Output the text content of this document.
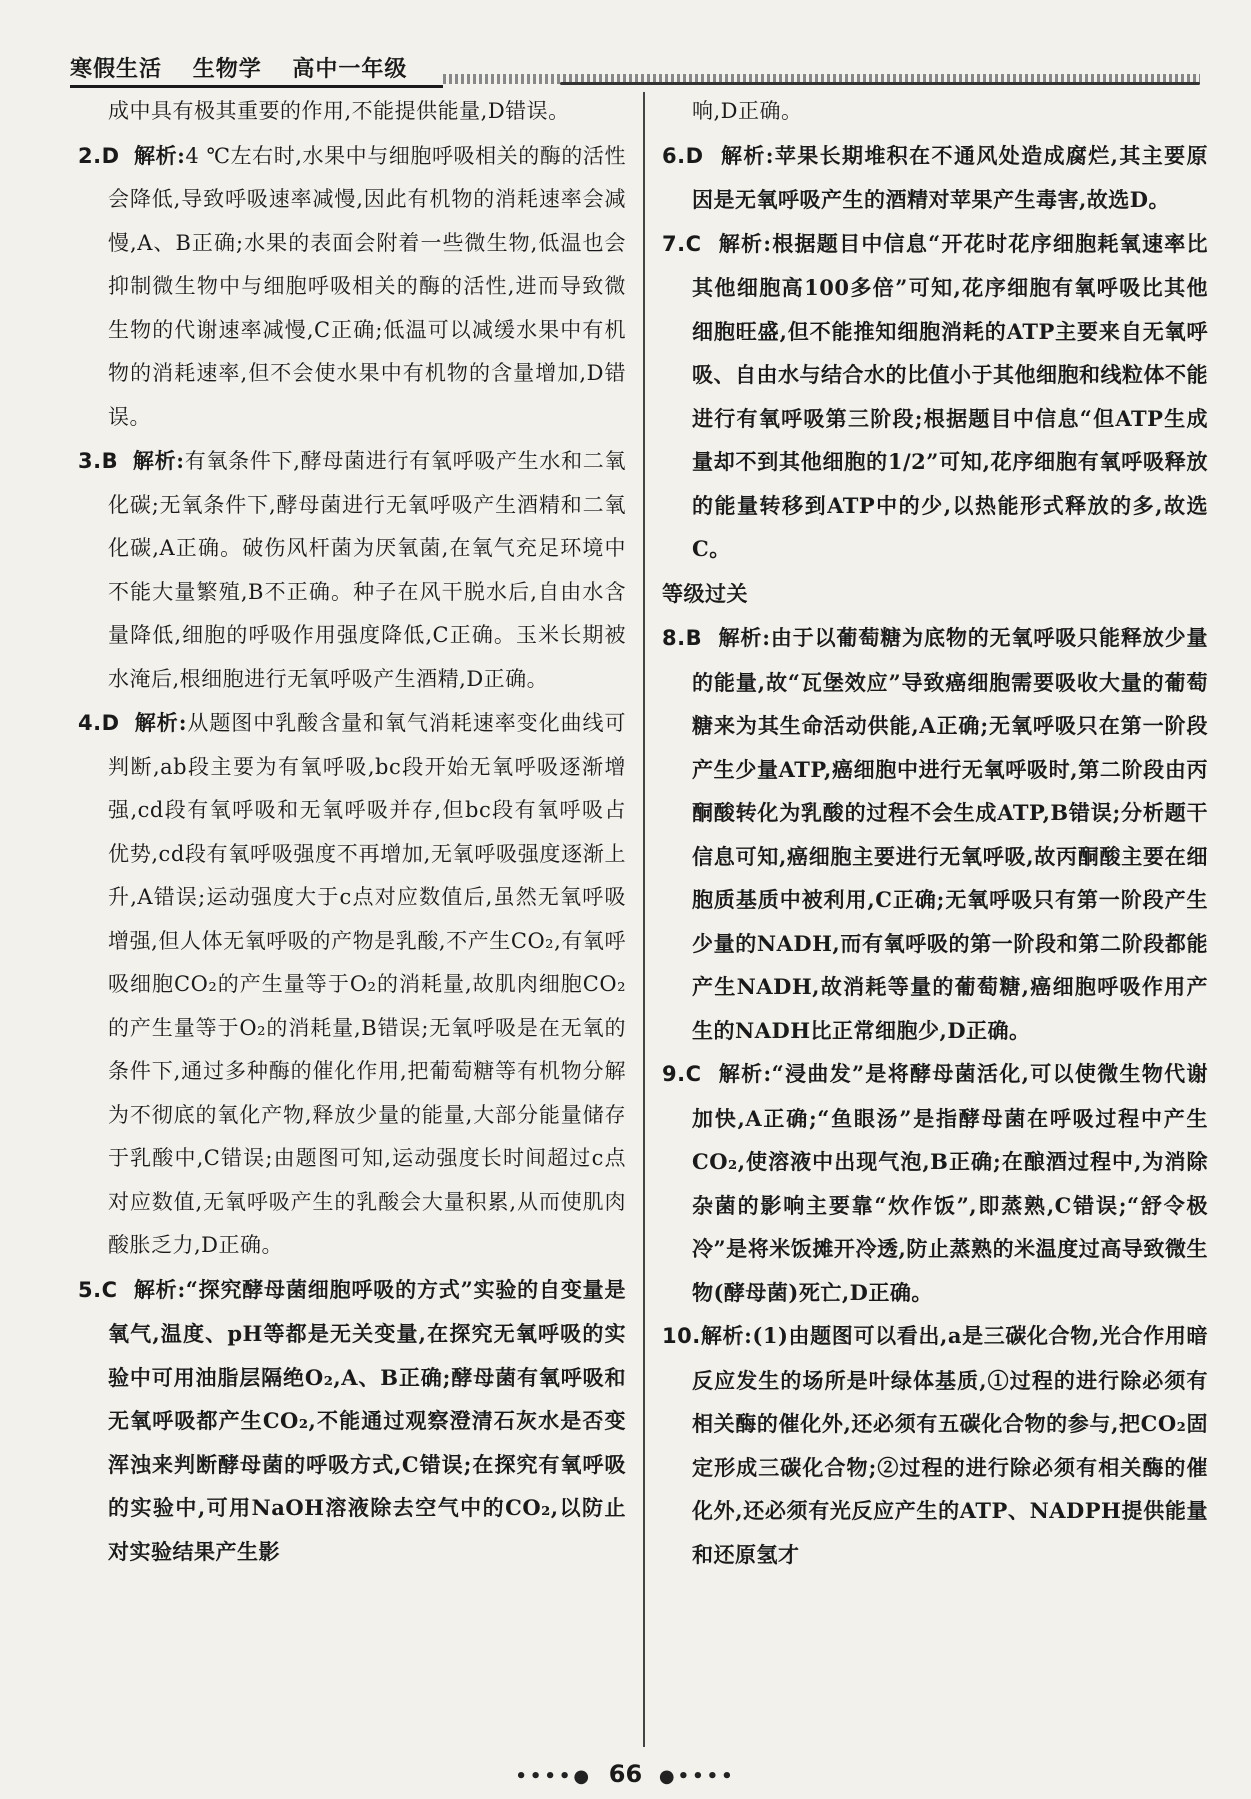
寒假生活 生物学 高中一年级

成中具有极其重要的作用,不能提供能量,D错误。

2.D 解析:4 ℃左右时,水果中与细胞呼吸相关的酶的活性会降低,导致呼吸速率减慢,因此有机物的消耗速率会减慢,A、B正确;水果的表面会附着一些微生物,低温也会抑制微生物中与细胞呼吸相关的酶的活性,进而导致微生物的代谢速率减慢,C正确;低温可以减缓水果中有机物的消耗速率,但不会使水果中有机物的含量增加,D错误。

3.B 解析:有氧条件下,酵母菌进行有氧呼吸产生水和二氧化碳;无氧条件下,酵母菌进行无氧呼吸产生酒精和二氧化碳,A正确。破伤风杆菌为厌氧菌,在氧气充足环境中不能大量繁殖,B不正确。种子在风干脱水后,自由水含量降低,细胞的呼吸作用强度降低,C正确。玉米长期被水淹后,根细胞进行无氧呼吸产生酒精,D正确。

4.D 解析:从题图中乳酸含量和氧气消耗速率变化曲线可判断,ab段主要为有氧呼吸,bc段开始无氧呼吸逐渐增强,cd段有氧呼吸和无氧呼吸并存,但bc段有氧呼吸占优势,cd段有氧呼吸强度不再增加,无氧呼吸强度逐渐上升,A错误;运动强度大于c点对应数值后,虽然无氧呼吸增强,但人体无氧呼吸的产物是乳酸,不产生CO₂,有氧呼吸细胞CO₂的产生量等于O₂的消耗量,故肌肉细胞CO₂的产生量等于O₂的消耗量,B错误;无氧呼吸是在无氧的条件下,通过多种酶的催化作用,把葡萄糖等有机物分解为不彻底的氧化产物,释放少量的能量,大部分能量储存于乳酸中,C错误;由题图可知,运动强度长时间超过c点对应数值,无氧呼吸产生的乳酸会大量积累,从而使肌肉酸胀乏力,D正确。

5.C 解析:“探究酵母菌细胞呼吸的方式”实验的自变量是氧气,温度、pH等都是无关变量,在探究无氧呼吸的实验中可用油脂层隔绝O₂,A、B正确;酵母菌有氧呼吸和无氧呼吸都产生CO₂,不能通过观察澄清石灰水是否变浑浊来判断酵母菌的呼吸方式,C错误;在探究有氧呼吸的实验中,可用NaOH溶液除去空气中的CO₂,以防止对实验结果产生影

响,D正确。

6.D 解析:苹果长期堆积在不通风处造成腐烂,其主要原因是无氧呼吸产生的酒精对苹果产生毒害,故选D。

7.C 解析:根据题目中信息“开花时花序细胞耗氧速率比其他细胞高100多倍”可知,花序细胞有氧呼吸比其他细胞旺盛,但不能推知细胞消耗的ATP主要来自无氧呼吸、自由水与结合水的比值小于其他细胞和线粒体不能进行有氧呼吸第三阶段;根据题目中信息“但ATP生成量却不到其他细胞的1/2”可知,花序细胞有氧呼吸释放的能量转移到ATP中的少,以热能形式释放的多,故选C。

等级过关

8.B 解析:由于以葡萄糖为底物的无氧呼吸只能释放少量的能量,故“瓦堡效应”导致癌细胞需要吸收大量的葡萄糖来为其生命活动供能,A正确;无氧呼吸只在第一阶段产生少量ATP,癌细胞中进行无氧呼吸时,第二阶段由丙酮酸转化为乳酸的过程不会生成ATP,B错误;分析题干信息可知,癌细胞主要进行无氧呼吸,故丙酮酸主要在细胞质基质中被利用,C正确;无氧呼吸只有第一阶段产生少量的NADH,而有氧呼吸的第一阶段和第二阶段都能产生NADH,故消耗等量的葡萄糖,癌细胞呼吸作用产生的NADH比正常细胞少,D正确。

9.C 解析:“浸曲发”是将酵母菌活化,可以使微生物代谢加快,A正确;“鱼眼汤”是指酵母菌在呼吸过程中产生CO₂,使溶液中出现气泡,B正确;在酿酒过程中,为消除杂菌的影响主要靠“炊作饭”,即蒸熟,C错误;“舒令极冷”是将米饭摊开冷透,防止蒸熟的米温度过高导致微生物(酵母菌)死亡,D正确。

10.解析:(1)由题图可以看出,a是三碳化合物,光合作用暗反应发生的场所是叶绿体基质,①过程的进行除必须有相关酶的催化外,还必须有五碳化合物的参与,把CO₂固定形成三碳化合物;②过程的进行除必须有相关酶的催化外,还必须有光反应产生的ATP、NADPH提供能量和还原氢才

••••● 66 ●••••
